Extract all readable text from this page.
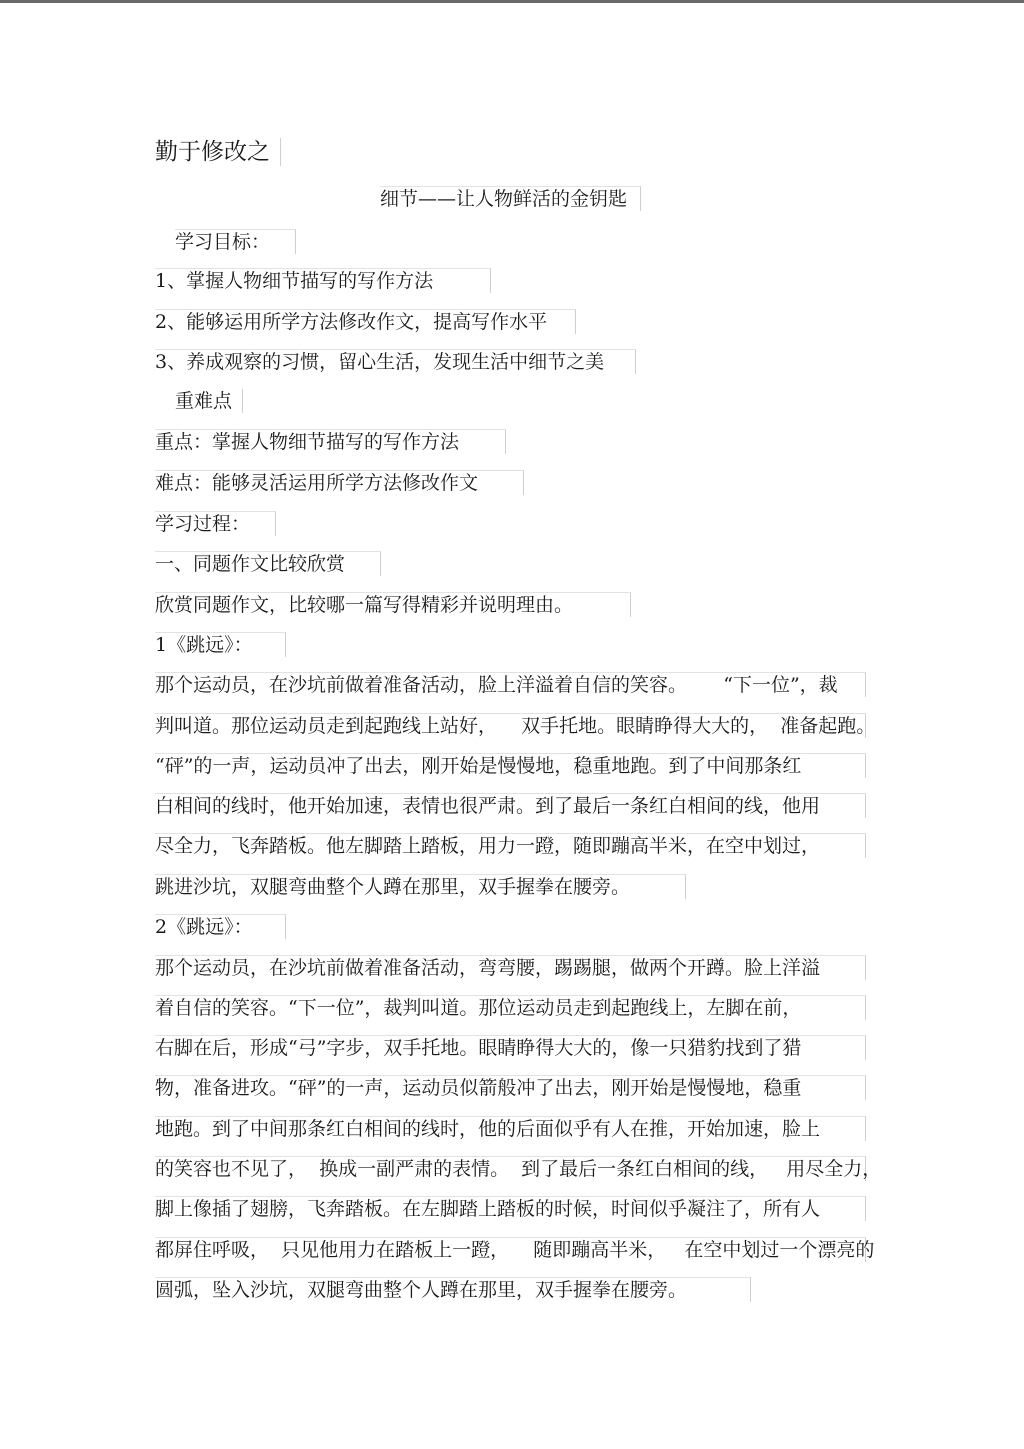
勤于修改之
细节——让人物鲜活的金钥匙
学习目标：
1、掌握人物细节描写的写作方法
2、能够运用所学方法修改作文，提高写作水平
3、养成观察的习惯，留心生活，发现生活中细节之美
重难点
重点：掌握人物细节描写的写作方法
难点：能够灵活运用所学方法修改作文
学习过程：
一、同题作文比较欣赏
欣赏同题作文，比较哪一篇写得精彩并说明理由。
1《跳远》：
那个运动员，在沙坑前做着准备活动，脸上洋溢着自信的笑容。      “下一位”，裁
判叫道。那位运动员走到起跑线上站好，    双手托地。眼睛睁得大大的，  准备起跑。
“砰”的一声，运动员冲了出去，刚开始是慢慢地，稳重地跑。到了中间那条红
白相间的线时，他开始加速，表情也很严肃。到了最后一条红白相间的线，他用
尽全力，飞奔踏板。他左脚踏上踏板，用力一蹬，随即蹦高半米，在空中划过，
跳进沙坑，双腿弯曲整个人蹲在那里，双手握拳在腰旁。
2《跳远》：
那个运动员，在沙坑前做着准备活动，弯弯腰，踢踢腿，做两个开蹲。脸上洋溢
着自信的笑容。“下一位”，裁判叫道。那位运动员走到起跑线上，左脚在前，
右脚在后，形成“弓”字步，双手托地。眼睛睁得大大的，像一只猎豹找到了猎
物，准备进攻。“砰”的一声，运动员似箭般冲了出去，刚开始是慢慢地，稳重
地跑。到了中间那条红白相间的线时，他的后面似乎有人在推，开始加速，脸上
的笑容也不见了，  换成一副严肃的表情。  到了最后一条红白相间的线，   用尽全力，
脚上像插了翅膀，飞奔踏板。在左脚踏上踏板的时候，时间似乎凝注了，所有人
都屏住呼吸，  只见他用力在踏板上一蹬，    随即蹦高半米，   在空中划过一个漂亮的
圆弧，坠入沙坑，双腿弯曲整个人蹲在那里，双手握拳在腰旁。
